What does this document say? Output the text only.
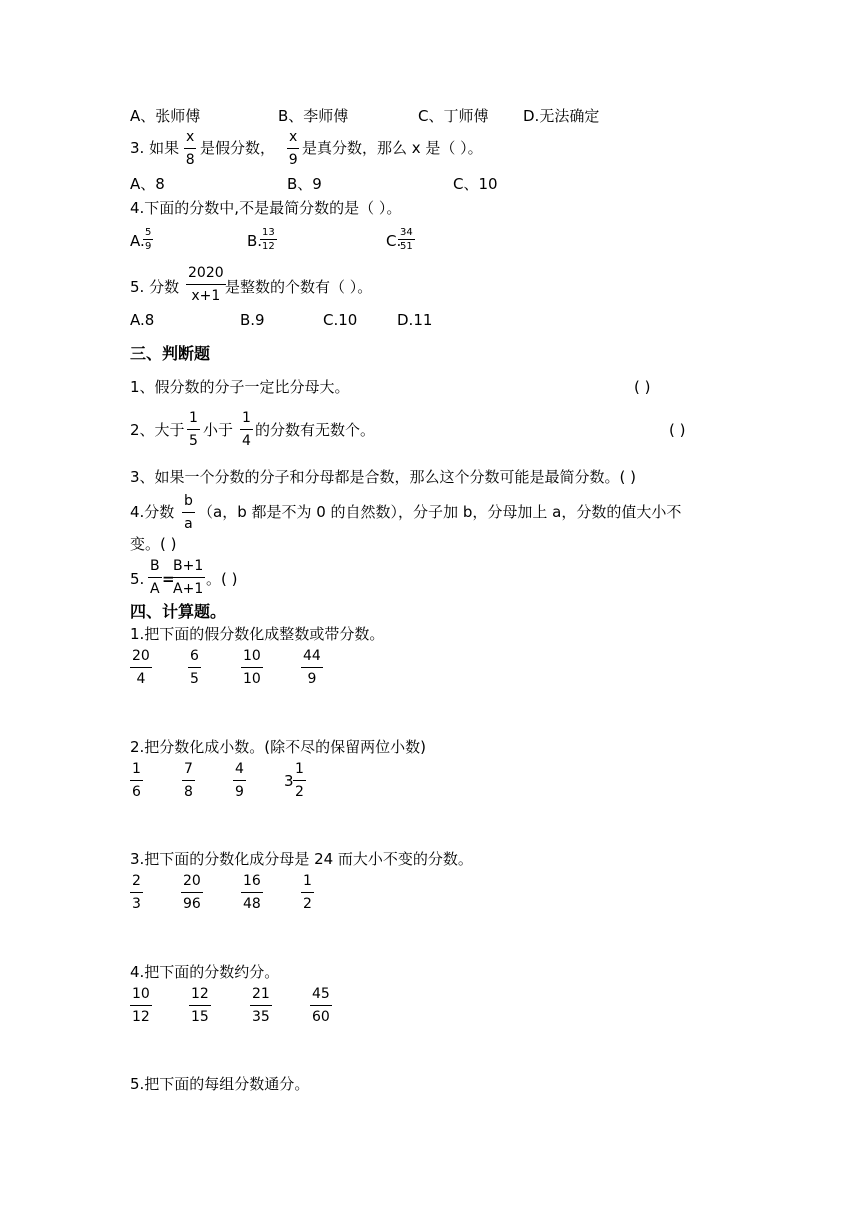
A、张师傅	B、李师傅	C、丁师傅 D.无法确定
3. 如果 $\frac{x}{8}$ 是假分数， $\frac{x}{9}$ 是真分数，那么 x 是（ ）。
A、8	B、9	C、10
4.下面的分数中,不是最简分数的是（ ）。
A.
$\frac{5}{9}$	B.
$\frac{13}{12}$	C.
$\frac{34}{51}$
5. 分数 $\frac{2020}{x+1}$ 是整数的个数有（ ）。
A.8	B.9	C.10	D.11
三、判断题
1、假分数的分子一定比分母大。	( )
2、大于 $\frac{1}{5}$ 小于 $\frac{1}{4}$ 的分数有无数个。	( )
3、如果一个分数的分子和分母都是合数，那么这个分数可能是最简分数。( )
4.分数 $\frac{b}{a} (a$，b 都是不为 0 的自然数），分子加 b，分母加上 a，分数的值大小不
变。( )
5. $\frac{B}{A}$ =
$\frac{B+1}{A+1}$ 。( )
四、计算题。
1.把下面的假分数化成整数或带分数。
$\frac{20}{4}$	$\frac{6}{5}$	$\frac{10}{10}$	$\frac{44}{9}$
2.把分数化成小数。(除不尽的保留两位小数)
$\frac{1}{6}$	$\frac{7}{8}$	$\frac{4}{9}$	$3 \frac{1}{2}$
3.把下面的分数化成分母是 24 而大小不变的分数。
$\frac{2}{3}$	$\frac{20}{96}$	$\frac{16}{48}$	$\frac{1}{2}$
4.把下面的分数约分。
$\frac{10}{12}$	$\frac{12}{15}$	$\frac{21}{35}$	$\frac{45}{60}$
5.把下面的每组分数通分。
